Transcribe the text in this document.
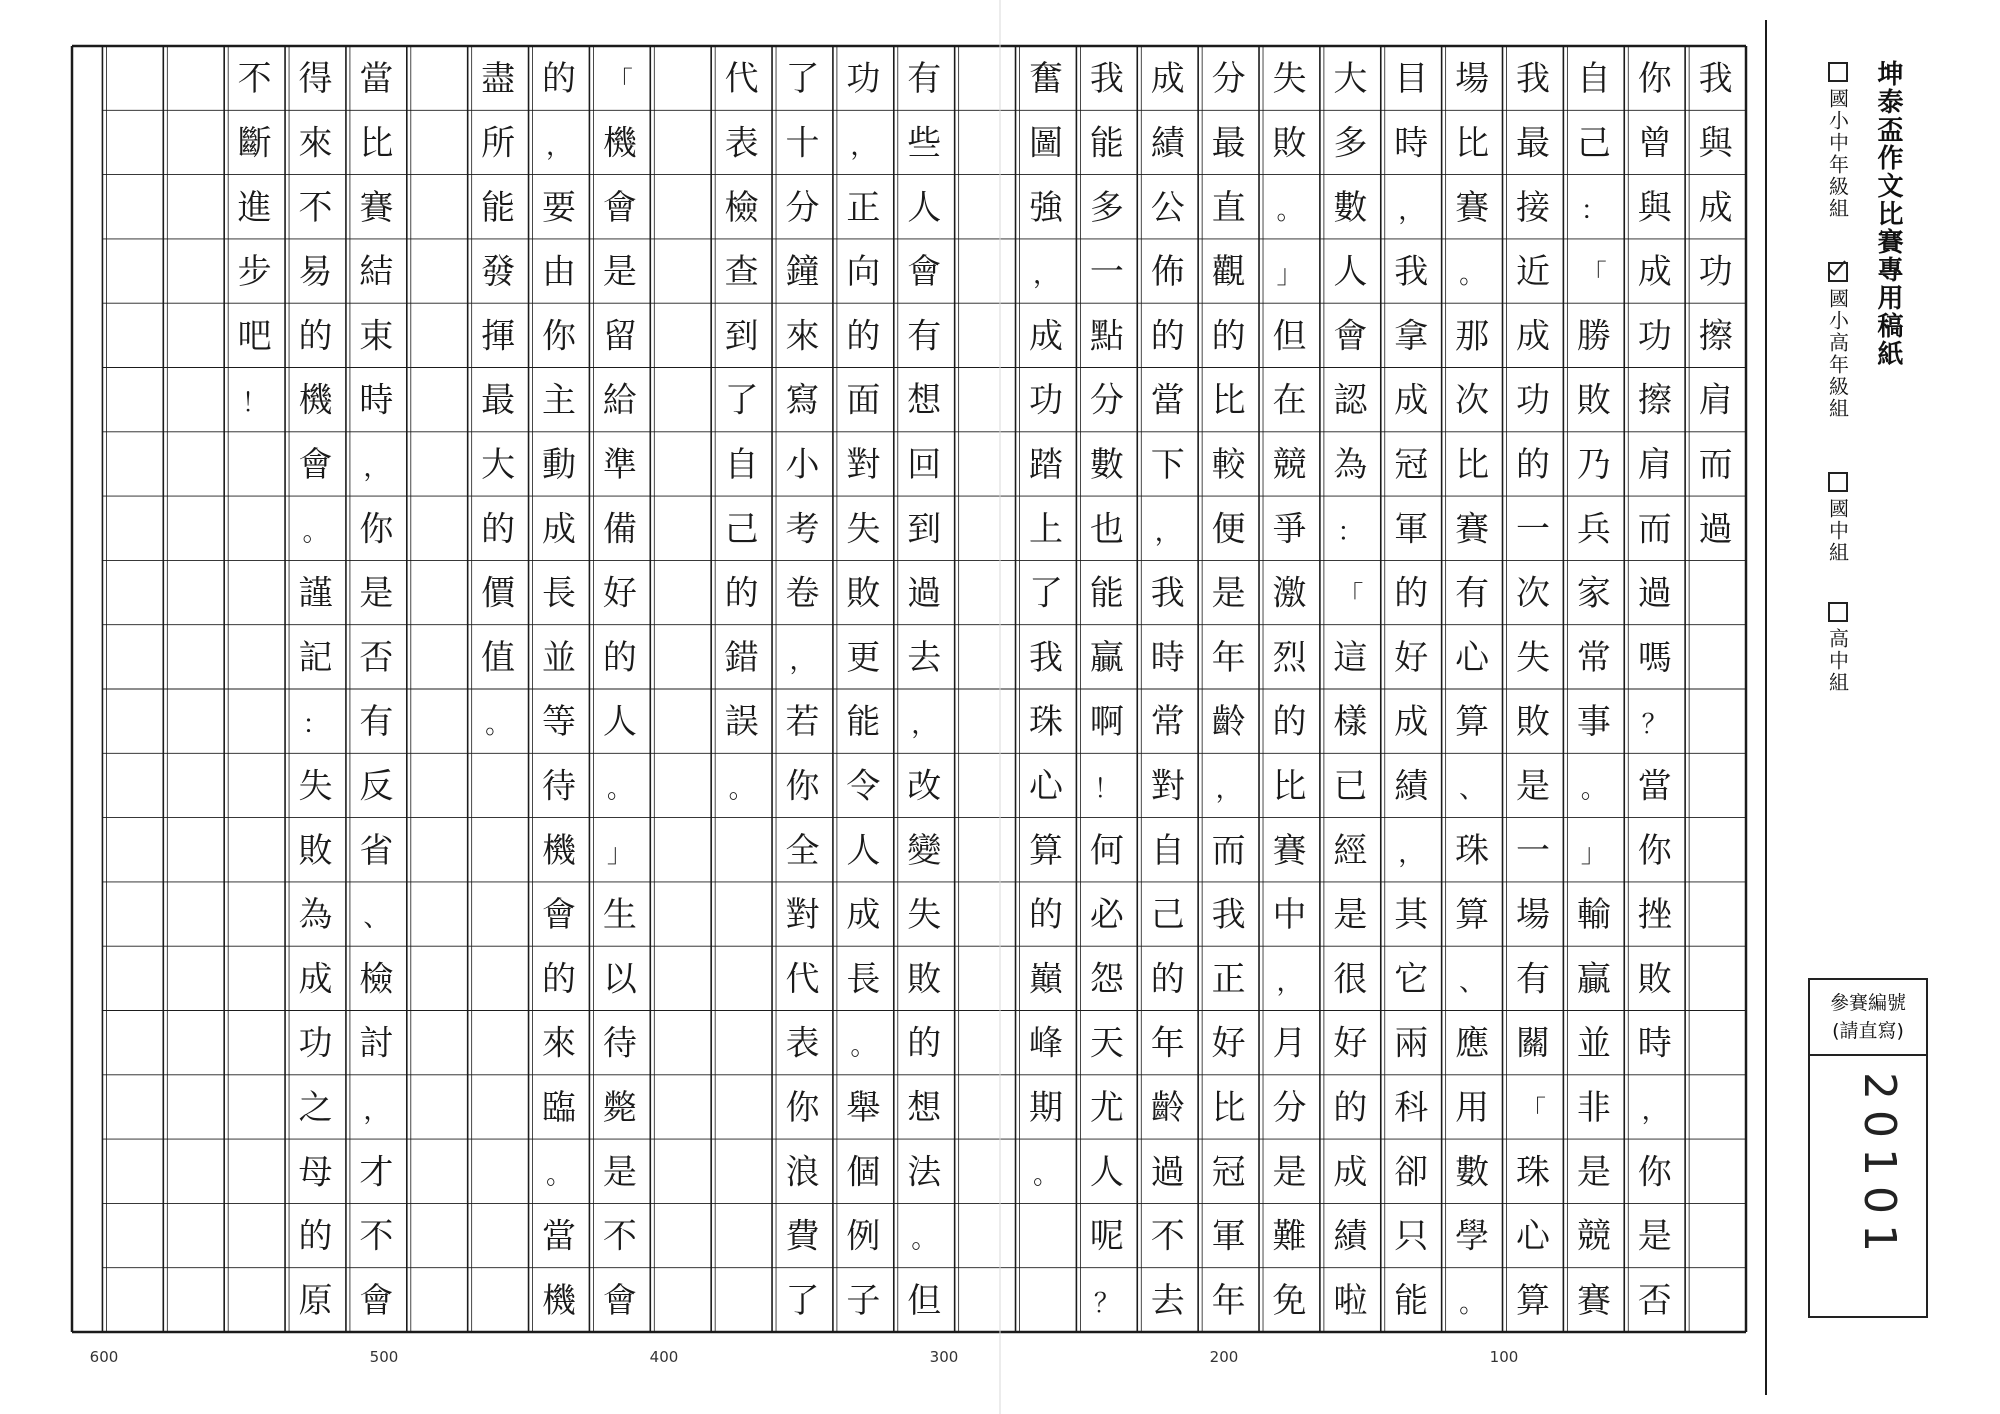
我
與
成
功
擦
肩
而
過
你
曾
與
成
功
擦
肩
而
過
嗎
？
當
你
挫
敗
時
，
你
是
否
自
己
：
「
勝
敗
乃
兵
家
常
事
。
」
輸
贏
並
非
是
競
賽
我
最
接
近
成
功
的
一
次
失
敗
是
一
場
有
關
「
珠
心
算
場
比
賽
。
那
次
比
賽
有
心
算
、
珠
算
、
應
用
數
學
。
目
時
，
我
拿
成
冠
軍
的
好
成
績
，
其
它
兩
科
卻
只
能
大
多
數
人
會
認
為
：
「
這
樣
已
經
是
很
好
的
成
績
啦
失
敗
。
」
但
在
競
爭
激
烈
的
比
賽
中
，
月
分
是
難
免
分
最
直
觀
的
比
較
便
是
年
齡
，
而
我
正
好
比
冠
軍
年
成
績
公
佈
的
當
下
，
我
時
常
對
自
己
的
年
齡
過
不
去
我
能
多
一
點
分
數
也
能
贏
啊
！
何
必
怨
天
尤
人
呢
？
奮
圖
強
，
成
功
踏
上
了
我
珠
心
算
的
巔
峰
期
。
有
些
人
會
有
想
回
到
過
去
，
改
變
失
敗
的
想
法
。
但
功
，
正
向
的
面
對
失
敗
更
能
令
人
成
長
。
舉
個
例
子
了
十
分
鐘
來
寫
小
考
卷
，
若
你
全
對
代
表
你
浪
費
了
代
表
檢
查
到
了
自
己
的
錯
誤
。
「
機
會
是
留
給
準
備
好
的
人
。
」
生
以
待
斃
是
不
會
的
，
要
由
你
主
動
成
長
並
等
待
機
會
的
來
臨
。
當
機
盡
所
能
發
揮
最
大
的
價
值
。
當
比
賽
結
束
時
，
你
是
否
有
反
省
、
檢
討
，
才
不
會
得
來
不
易
的
機
會
。
謹
記
：
失
敗
為
成
功
之
母
的
原
不
斷
進
步
吧
！
600	500	400	300	200	100
坤泰盃作文比賽專用稿紙
國小中年級組
國小高年級組
國中組
高中組
參賽編號
(請直寫)
20101
